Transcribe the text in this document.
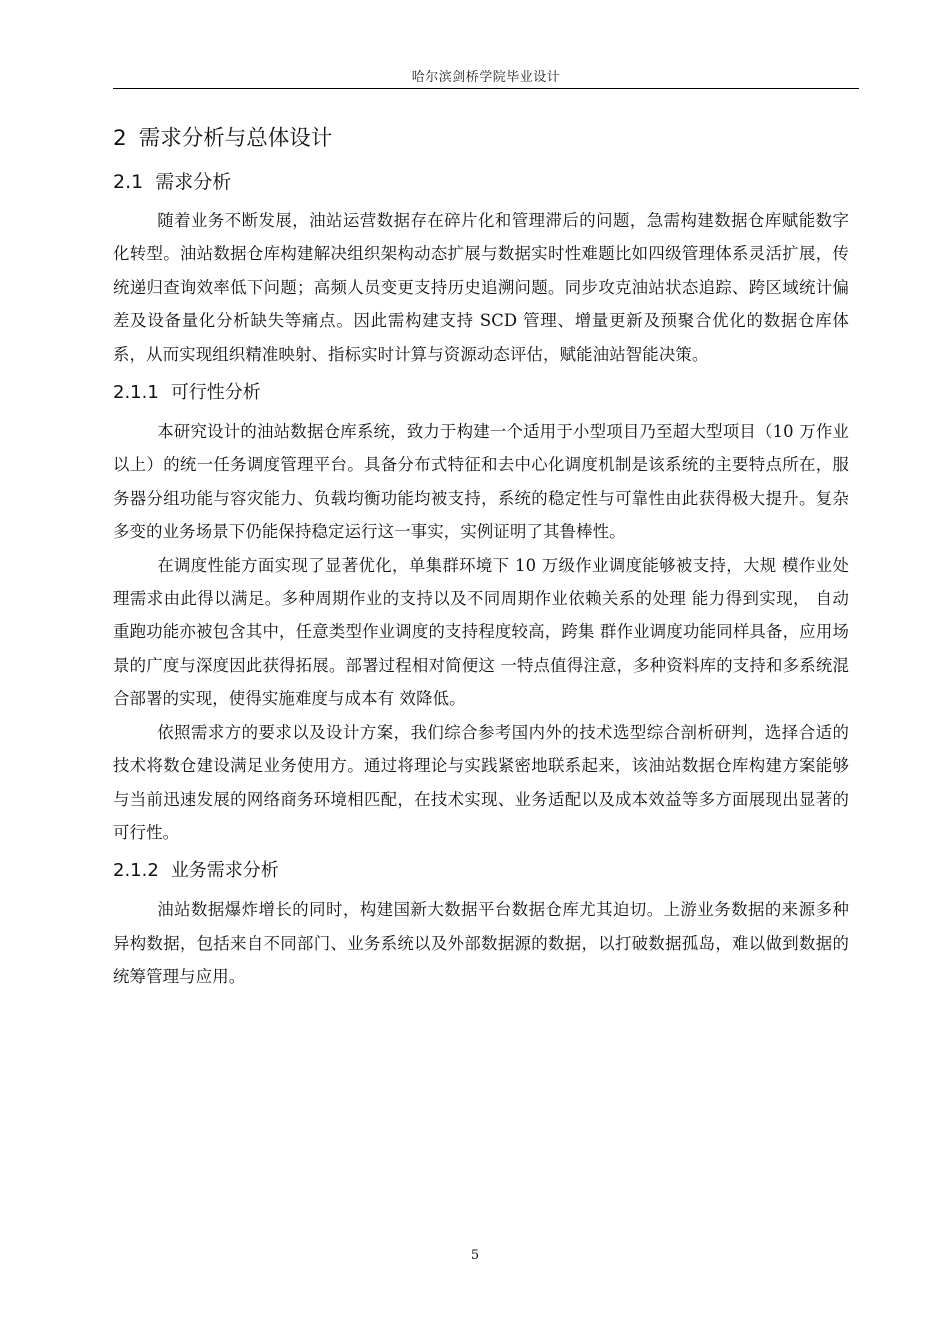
哈尔滨剑桥学院毕业设计
2 需求分析与总体设计
2.1 需求分析

随着业务不断发展，油站运营数据存在碎片化和管理滞后的问题，急需构建数据仓库赋能数字化转型。油站数据仓库构建解决组织架构动态扩展与数据实时性难题比如四级管理体系灵活扩展，传统递归查询效率低下问题；高频人员变更支持历史追溯问题。同步攻克油站状态追踪、跨区域统计偏差及设备量化分析缺失等痛点。因此需构建支持 SCD 管理、增量更新及预聚合优化的数据仓库体系，从而实现组织精准映射、指标实时计算与资源动态评估，赋能油站智能决策。

2.1.1 可行性分析

本研究设计的油站数据仓库系统，致力于构建一个适用于小型项目乃至超大型项目（10 万作业以上）的统一任务调度管理平台。具备分布式特征和去中心化调度机制是该系统的主要特点所在，服务器分组功能与容灾能力、负载均衡功能均被支持，系统的稳定性与可靠性由此获得极大提升。复杂多变的业务场景下仍能保持稳定运行这一事实，实例证明了其鲁棒性。

在调度性能方面实现了显著优化，单集群环境下 10 万级作业调度能够被支持，大规 模作业处理需求由此得以满足。多种周期作业的支持以及不同周期作业依赖关系的处理 能力得到实现， 自动重跑功能亦被包含其中，任意类型作业调度的支持程度较高，跨集 群作业调度功能同样具备，应用场景的广度与深度因此获得拓展。部署过程相对简便这 一特点值得注意，多种资料库的支持和多系统混合部署的实现，使得实施难度与成本有 效降低。

依照需求方的要求以及设计方案，我们综合参考国内外的技术选型综合剖析研判，选择合适的技术将数仓建设满足业务使用方。通过将理论与实践紧密地联系起来，该油站数据仓库构建方案能够与当前迅速发展的网络商务环境相匹配，在技术实现、业务适配以及成本效益等多方面展现出显著的可行性。

2.1.2 业务需求分析

油站数据爆炸增长的同时，构建国新大数据平台数据仓库尤其迫切。上游业务数据的来源多种异构数据，包括来自不同部门、业务系统以及外部数据源的数据，以打破数据孤岛，难以做到数据的统筹管理与应用。

5
